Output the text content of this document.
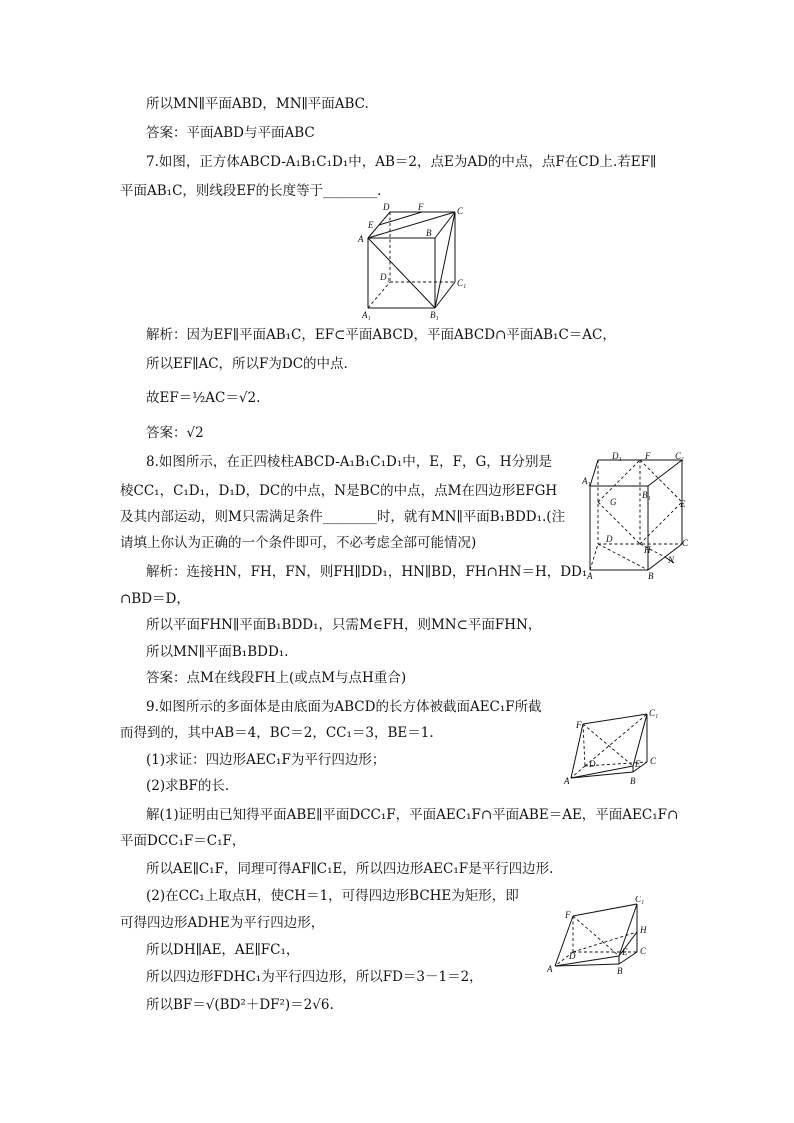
所以MN∥平面ABD，MN∥平面ABC.
答案：平面ABD与平面ABC
7.如图，正方体ABCD-A₁B₁C₁D₁中，AB＝2，点E为AD的中点，点F在CD上.若EF∥
平面AB₁C，则线段EF的长度等于________.
解析：因为EF∥平面AB₁C，EF⊂平面ABCD，平面ABCD∩平面AB₁C＝AC，
所以EF∥AC，所以F为DC的中点.
故EF＝½AC＝√2.
答案：√2
8.如图所示，在正四棱柱ABCD-A₁B₁C₁D₁中，E，F，G，H分别是
棱CC₁，C₁D₁，D₁D，DC的中点，N是BC的中点，点M在四边形EFGH
及其内部运动，则M只需满足条件________时，就有MN∥平面B₁BDD₁.(注
请填上你认为正确的一个条件即可，不必考虑全部可能情况)
解析：连接HN，FH，FN，则FH∥DD₁，HN∥BD，FH∩HN＝H，DD₁
∩BD＝D，
所以平面FHN∥平面B₁BDD₁，只需M∈FH，则MN⊂平面FHN，
所以MN∥平面B₁BDD₁.
答案：点M在线段FH上(或点M与点H重合)
9.如图所示的多面体是由底面为ABCD的长方体被截面AEC₁F所截
而得到的，其中AB＝4，BC＝2，CC₁＝3，BE＝1.
(1)求证：四边形AEC₁F为平行四边形；
(2)求BF的长.
解(1)证明由已知得平面ABE∥平面DCC₁F，平面AEC₁F∩平面ABE＝AE，平面AEC₁F∩
平面DCC₁F＝C₁F，
所以AE∥C₁F，同理可得AF∥C₁E，所以四边形AEC₁F是平行四边形.
(2)在CC₁上取点H，使CH＝1，可得四边形BCHE为矩形，即
可得四边形ADHE为平行四边形，
所以DH∥AE，AE∥FC₁，
所以四边形FDHC₁为平行四边形，所以FD＝3－1＝2，
所以BF＝√(BD²＋DF²)＝2√6.
D	F	C
E
B
A
D₁
C₁
A₁	B₁
D₁	F	C₁
A₁
B₁
G	E
D
H
C
N
A	B
C₁
F
D	E C
A	B
C₁
F
H
D	E C
A	B
